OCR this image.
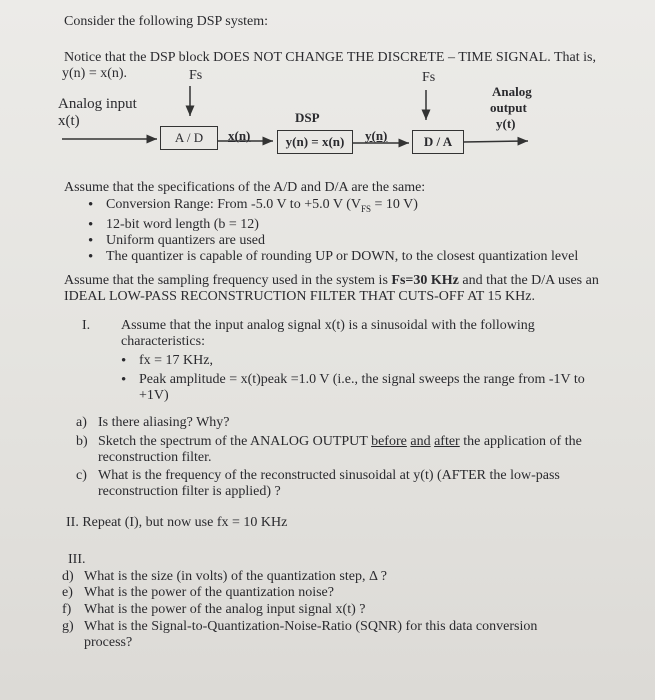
Consider the following DSP system:
Notice that the DSP block DOES NOT CHANGE THE DISCRETE – TIME SIGNAL. That is,
y(n) = x(n).	Fs	Fs
Analog input
x(t)
A / D	x(n)
DSP
y(n) = x(n)	y(n)	D / A
Analog
output
y(t)
Assume that the specifications of the A/D and D/A are the same:
• Conversion Range: From -5.0 V to +5.0 V ($V_{FS} = 10$ V)
• 12-bit word length (b = 12)
• Uniform quantizers are used
• The quantizer is capable of rounding UP or DOWN, to the closest quantization level
Assume that the sampling frequency used in the system is Fs=30 KHz and that the D/A uses an
IDEAL LOW-PASS RECONSTRUCTION FILTER THAT CUTS-OFF AT 15 KHz.
I. Assume that the input analog signal x(t) is a sinusoidal with the following
characteristics:
• fx = 17 KHz,
• Peak amplitude = x(t)peak =1.0 V (i.e., the signal sweeps the range from -1V to
+1V)
a) Is there aliasing? Why?
b) Sketch the spectrum of the ANALOG OUTPUT before and after the application of the
reconstruction filter.
c) What is the frequency of the reconstructed sinusoidal at y(t) (AFTER the low-pass
reconstruction filter is applied) ?
II. Repeat (I), but now use fx = 10 KHz
III.
d) What is the size (in volts) of the quantization step, Δ ?
e) What is the power of the quantization noise?
f) What is the power of the analog input signal x(t) ?
g) What is the Signal-to-Quantization-Noise-Ratio (SQNR) for this data conversion
process?
